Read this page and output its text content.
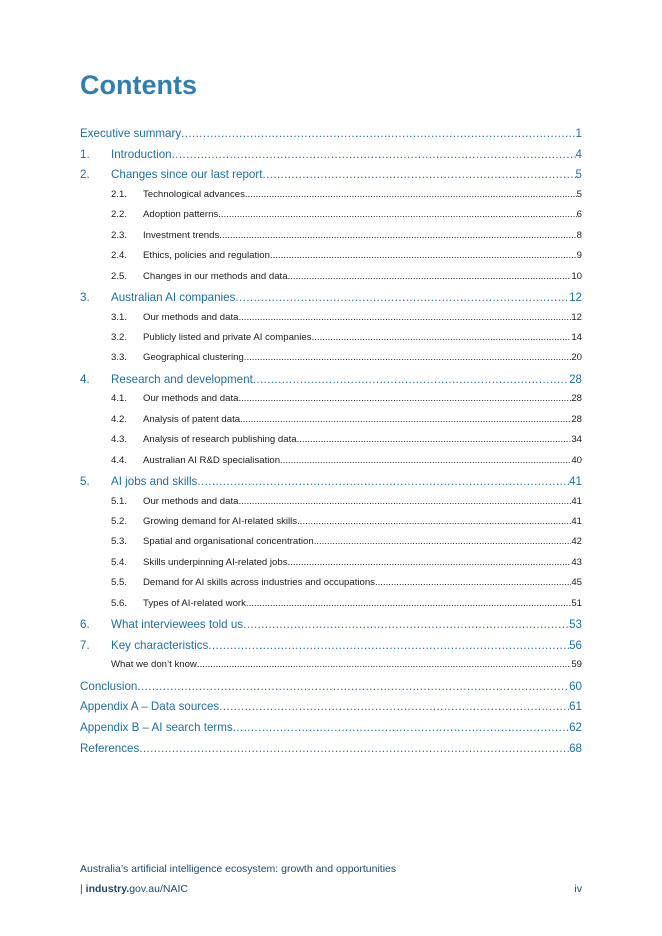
Contents
Executive summary .....	1
1.	Introduction .....	4
2.	Changes since our last report .....	5
2.1.	Technological advances .....	5
2.2.	Adoption patterns .....	6
2.3.	Investment trends .....	8
2.4.	Ethics, policies and regulation .....	9
2.5.	Changes in our methods and data .....	10
3.	Australian AI companies .....	12
3.1.	Our methods and data .....	12
3.2.	Publicly listed and private AI companies .....	14
3.3.	Geographical clustering .....	20
4.	Research and development .....	28
4.1.	Our methods and data .....	28
4.2.	Analysis of patent data .....	28
4.3.	Analysis of research publishing data .....	34
4.4.	Australian AI R&D specialisation .....	40
5.	AI jobs and skills .....	41
5.1.	Our methods and data .....	41
5.2.	Growing demand for AI-related skills .....	41
5.3.	Spatial and organisational concentration .....	42
5.4.	Skills underpinning AI-related jobs .....	43
5.5.	Demand for AI skills across industries and occupations .....	45
5.6.	Types of AI-related work .....	51
6.	What interviewees told us .....	53
7.	Key characteristics .....	56
What we don’t know .....	59
Conclusion .....	60
Appendix A – Data sources .....	61
Appendix B – AI search terms .....	62
References .....	68
Australia’s artificial intelligence ecosystem: growth and opportunities
| industry.gov.au/NAIC	iv
